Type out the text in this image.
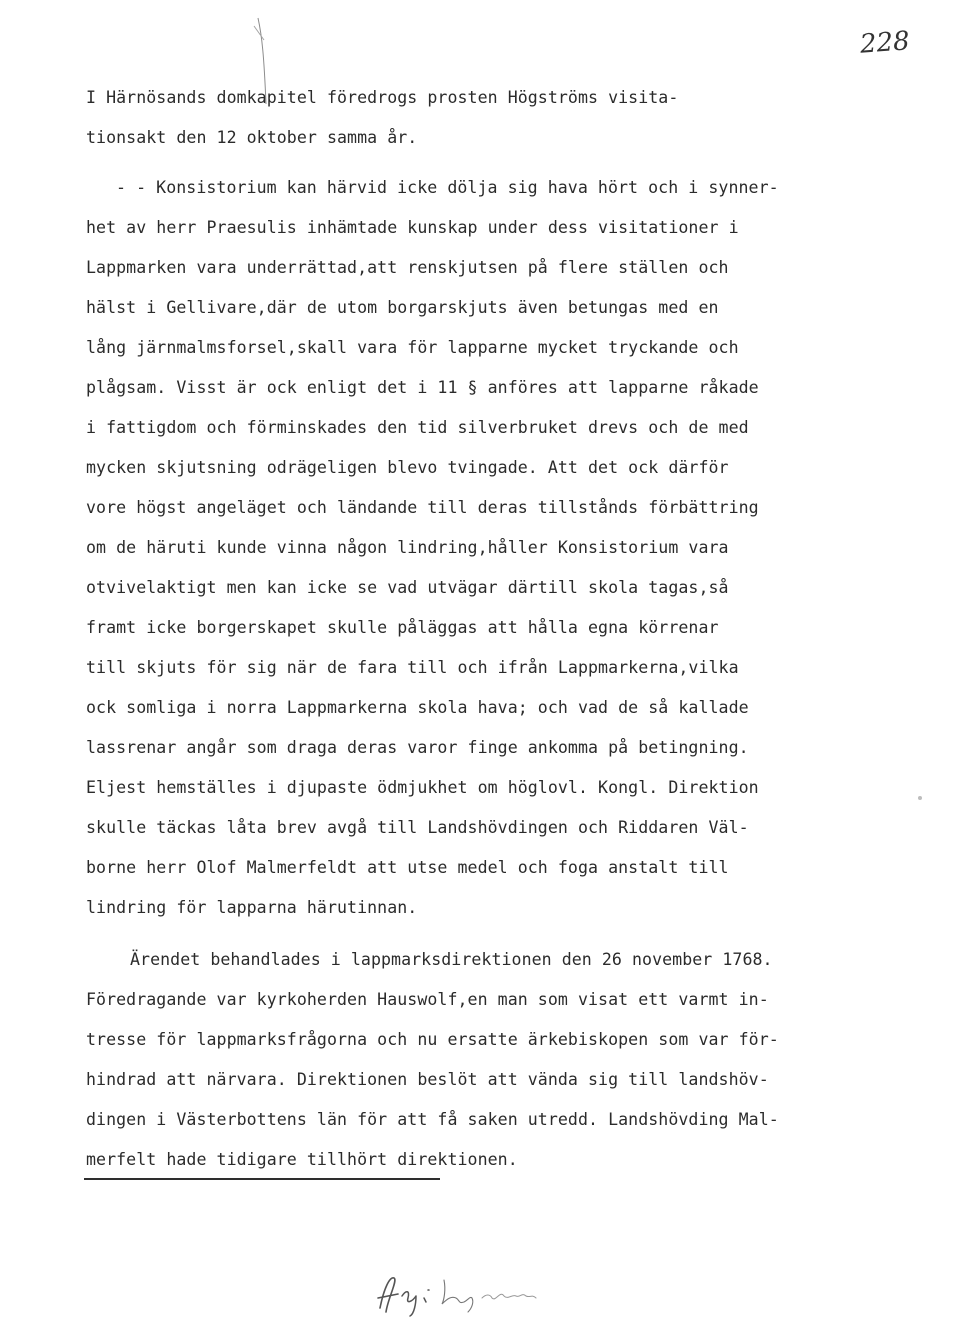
228
I Härnösands domkapitel föredrogs prosten Högströms visita-
tionsakt den 12 oktober samma år.
- - Konsistorium kan härvid icke dölja sig hava hört och i synner-
het av herr Praesulis inhämtade kunskap under dess visitationer i
Lappmarken vara underrättad,att renskjutsen på flere ställen och
hälst i Gellivare,där de utom borgarskjuts även betungas med en
lång järnmalmsforsel,skall vara för lapparne mycket tryckande och
plågsam. Visst är ock enligt det i 11 § anföres att lapparne råkade
i fattigdom och förminskades den tid silverbruket drevs och de med
mycken skjutsning odrägeligen blevo tvingade. Att det ock därför
vore högst angeläget och ländande till deras tillstånds förbättring
om de häruti kunde vinna någon lindring,håller Konsistorium vara
otvivelaktigt men kan icke se vad utvägar därtill skola tagas,så
framt icke borgerskapet skulle påläggas att hålla egna körrenar
till skjuts för sig när de fara till och ifrån Lappmarkerna,vilka
ock somliga i norra Lappmarkerna skola hava; och vad de så kallade
lassrenar angår som draga deras varor finge ankomma på betingning.
Eljest hemställes i djupaste ödmjukhet om höglovl. Kongl. Direktion
skulle täckas låta brev avgå till Landshövdingen och Riddaren Väl-
borne herr Olof Malmerfeldt att utse medel och foga anstalt till
lindring för lapparna härutinnan.
Ärendet behandlades i lappmarksdirektionen den 26 november 1768.
Föredragande var kyrkoherden Hauswolf,en man som visat ett varmt in-
tresse för lappmarksfrågorna och nu ersatte ärkebiskopen som var för-
hindrad att närvara. Direktionen beslöt att vända sig till landshöv-
dingen i Västerbottens län för att få saken utredd. Landshövding Mal-
merfelt hade tidigare tillhört direktionen.
